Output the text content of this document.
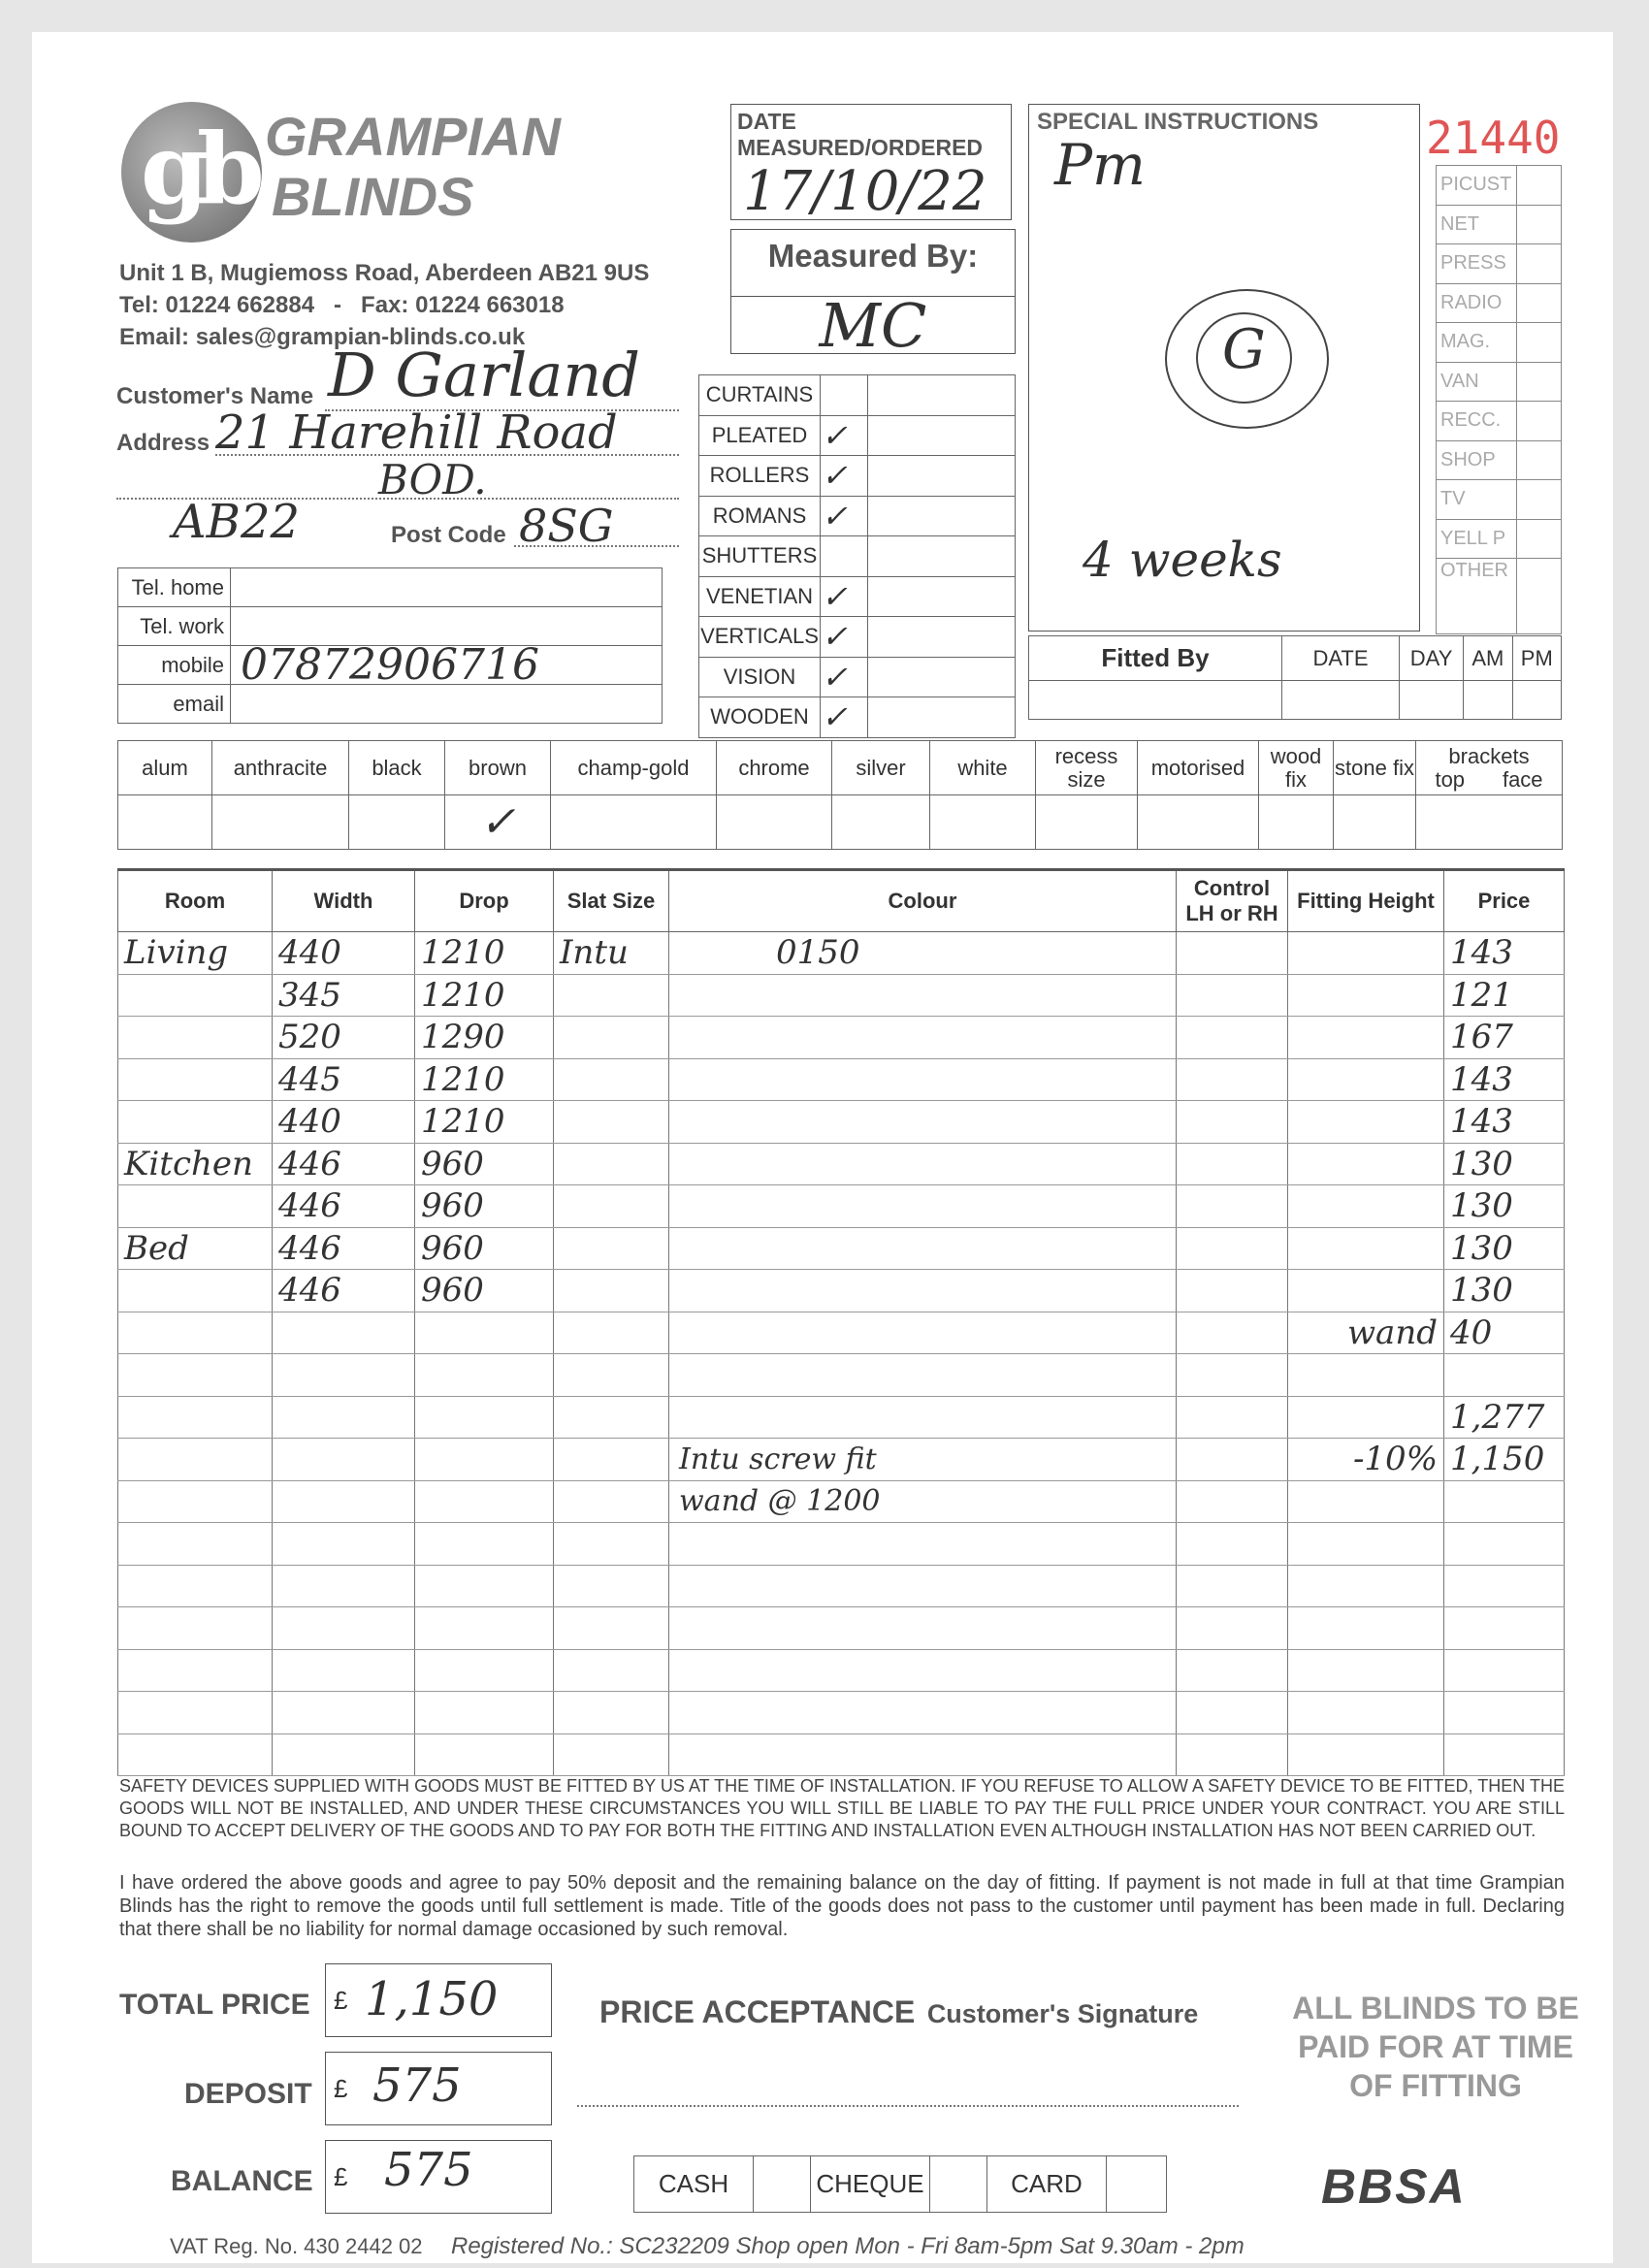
gb GRAMPIAN
BLINDS
Unit 1 B, Mugiemoss Road, Aberdeen AB21 9US
Tel: 01224 662884   -   Fax: 01224 663018
Email: sales@grampian-blinds.co.uk
Customer's Name D Garland
Address 21 Harehill Road
BOD.
AB22	Post Code 8SG
Tel. home	
Tel. work	
mobile	07872906716
email	
DATE MEASURED/ORDERED
17/10/22
Measured By:
MC
CURTAINS		
PLEATED	✓	
ROLLERS	✓	
ROMANS	✓	
SHUTTERS		
VENETIAN	✓	
VERTICALS	✓	
VISION	✓	
WOODEN	✓	
SPECIAL INSTRUCTIONS
Pm
G
4 weeks
21440
PICUST	
NET	
PRESS	
RADIO	
MAG.	
VAN	
RECC.	
SHOP	
TV	
YELL P	
OTHER	
Fitted By	DATE	DAY	AM	PM

alum	anthracite	black	brown	champ-gold	chrome	silver	white	recess size	motorised	wood fix	stone fix	brackets
top face

			✓									
Room	Width	Drop	Slat Size	Colour	Control LH or RH	Fitting Height	Price
Living	440	1210	Intu	0150			143
	345	1210					121
	520	1290					167
	445	1210					143
	440	1210					143
Kitchen	446	960					130
	446	960					130
Bed	446	960					130
	446	960					130
						wand	40

							1,277
				Intu screw fit		-10%	1,150
				wand @ 1200			

SAFETY DEVICES SUPPLIED WITH GOODS MUST BE FITTED BY US AT THE TIME OF INSTALLATION. IF YOU REFUSE TO ALLOW A SAFETY DEVICE TO BE FITTED, THEN THE GOODS WILL NOT BE INSTALLED, AND UNDER THESE CIRCUMSTANCES YOU WILL STILL BE LIABLE TO PAY THE FULL PRICE UNDER YOUR CONTRACT. YOU ARE STILL BOUND TO ACCEPT DELIVERY OF THE GOODS AND TO PAY FOR BOTH THE FITTING AND INSTALLATION EVEN ALTHOUGH INSTALLATION HAS NOT BEEN CARRIED OUT.
I have ordered the above goods and agree to pay 50% deposit and the remaining balance on the day of fitting. If payment is not made in full at that time Grampian Blinds has the right to remove the goods until full settlement is made. Title of the goods does not pass to the customer until payment has been made in full. Declaring that there shall be no liability for normal damage occasioned by such removal.
TOTAL PRICE £ 1,150
DEPOSIT £ 575
BALANCE £ 575
PRICE ACCEPTANCE Customer's Signature
CASH		CHEQUE		CARD	
ALL BLINDS TO BE PAID FOR AT TIME OF FITTING
BBSA
VAT Reg. No. 430 2442 02 Registered No.: SC232209 Shop open Mon - Fri 8am-5pm Sat 9.30am - 2pm
